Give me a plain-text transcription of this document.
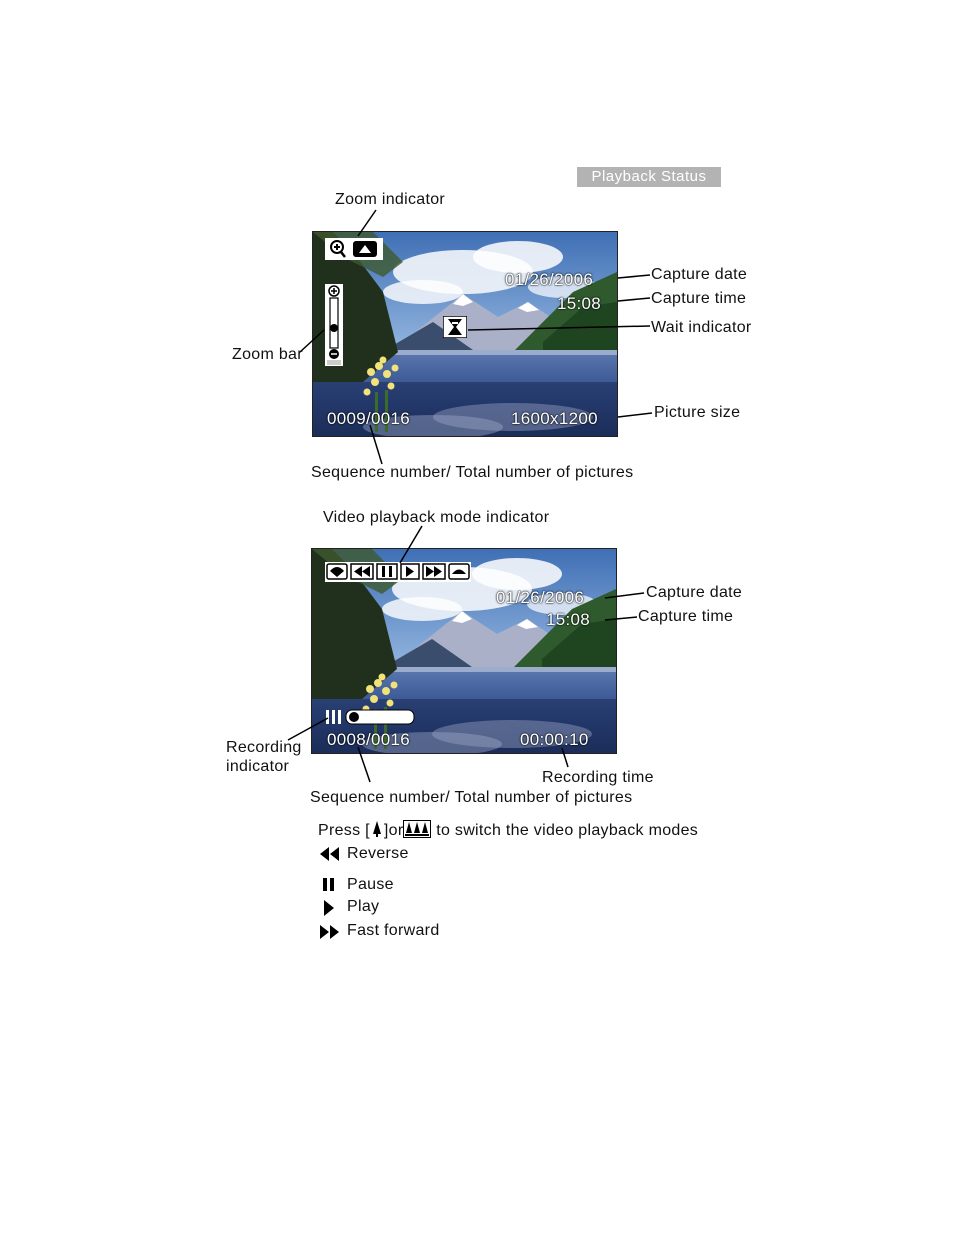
Playback Status
01/26/2006
15:08
0009/0016	1600x1200
Zoom indicator
Zoom bar
Capture date
Capture time
Wait indicator
Picture size
Sequence number/ Total number of pictures
01/26/2006
15:08
0008/0016	00:00:10
Video playback mode indicator
Capture date
Capture time
Recording
indicator
Recording time
Sequence number/ Total number of pictures
Press [ ]or to switch the video playback modes
Reverse
Pause
Play
Fast forward
